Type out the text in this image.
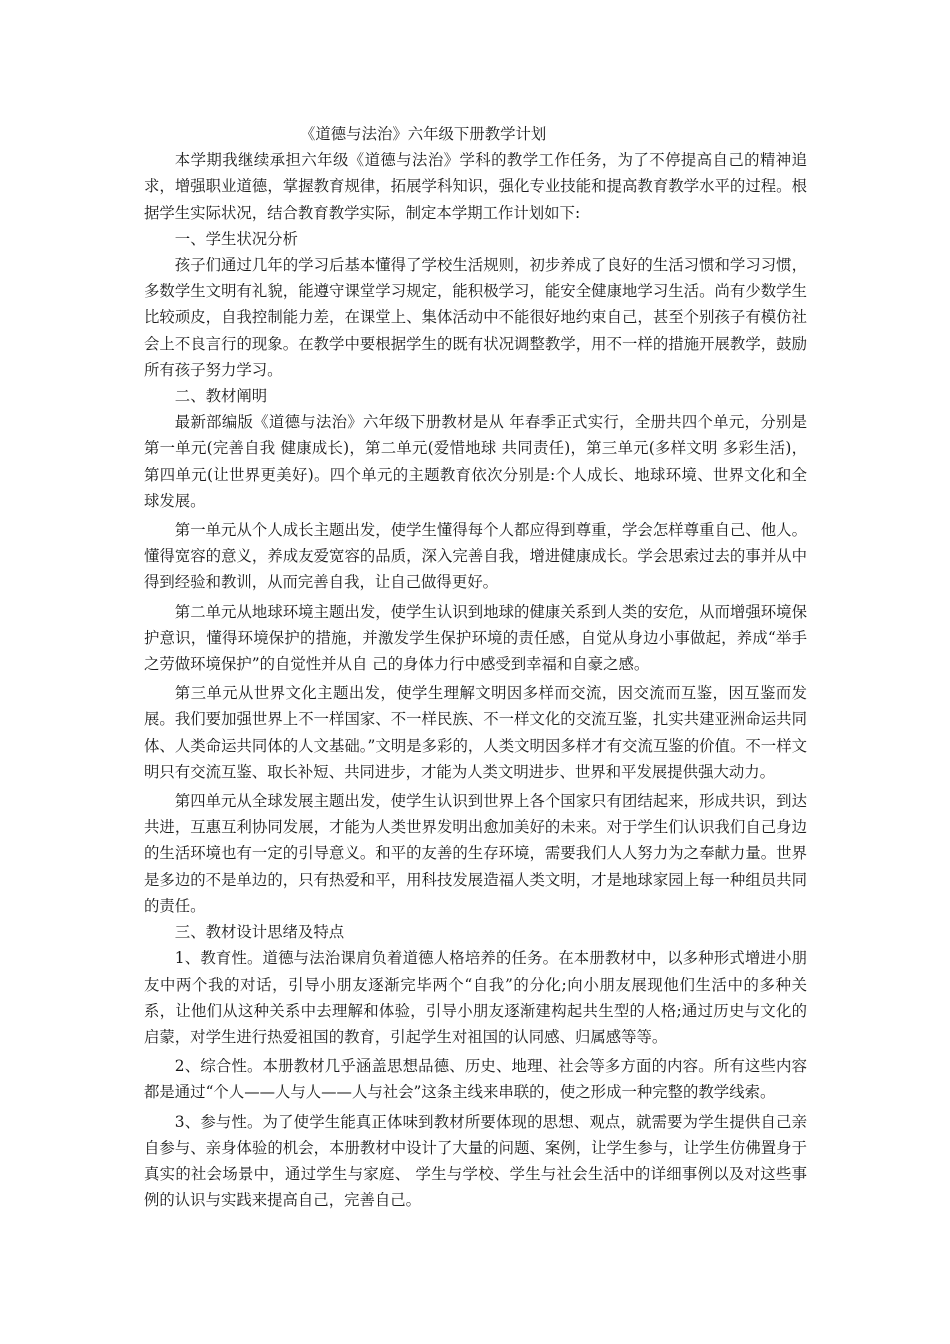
《道德与法治》六年级下册教学计划

本学期我继续承担六年级《道德与法治》学科的教学工作任务，为了不停提高自己的精神追求，增强职业道德，掌握教育规律，拓展学科知识，强化专业技能和提高教育教学水平的过程。根据学生实际状况，结合教育教学实际，制定本学期工作计划如下:

一、学生状况分析

孩子们通过几年的学习后基本懂得了学校生活规则，初步养成了良好的生活习惯和学习习惯，多数学生文明有礼貌，能遵守课堂学习规定，能积极学习，能安全健康地学习生活。尚有少数学生比较顽皮，自我控制能力差，在课堂上、集体活动中不能很好地约束自己，甚至个别孩子有模仿社会上不良言行的现象。在教学中要根据学生的既有状况调整教学，用不一样的措施开展教学，鼓励所有孩子努力学习。

二、教材阐明

最新部编版《道德与法治》六年级下册教材是从 年春季正式实行，全册共四个单元，分别是第一单元(完善自我 健康成长)，第二单元(爱惜地球 共同责任)，第三单元(多样文明 多彩生活)，第四单元(让世界更美好)。四个单元的主题教育依次分别是:个人成长、地球环境、世界文化和全球发展。

第一单元从个人成长主题出发，使学生懂得每个人都应得到尊重，学会怎样尊重自己、他人。懂得宽容的意义，养成友爱宽容的品质，深入完善自我，增进健康成长。学会思索过去的事并从中得到经验和教训，从而完善自我，让自己做得更好。

第二单元从地球环境主题出发，使学生认识到地球的健康关系到人类的安危，从而增强环境保护意识，懂得环境保护的措施，并激发学生保护环境的责任感，自觉从身边小事做起，养成“举手之劳做环境保护”的自觉性并从自 己的身体力行中感受到幸福和自豪之感。

第三单元从世界文化主题出发，使学生理解文明因多样而交流，因交流而互鉴，因互鉴而发展。我们要加强世界上不一样国家、不一样民族、不一样文化的交流互鉴，扎实共建亚洲命运共同体、人类命运共同体的人文基础。”文明是多彩的，人类文明因多样才有交流互鉴的价值。不一样文明只有交流互鉴、取长补短、共同进步，才能为人类文明进步、世界和平发展提供强大动力。

第四单元从全球发展主题出发，使学生认识到世界上各个国家只有团结起来，形成共识，到达共进，互惠互利协同发展，才能为人类世界发明出愈加美好的未来。对于学生们认识我们自己身边的生活环境也有一定的引导意义。和平的友善的生存环境，需要我们人人努力为之奉献力量。世界是多边的不是单边的，只有热爱和平，用科技发展造福人类文明，才是地球家园上每一种组员共同的责任。

三、教材设计思绪及特点

1、教育性。道德与法治课肩负着道德人格培养的任务。在本册教材中，以多种形式增进小朋友中两个我的对话，引导小朋友逐渐完毕两个“自我”的分化;向小朋友展现他们生活中的多种关系，让他们从这种关系中去理解和体验，引导小朋友逐渐建构起共生型的人格;通过历史与文化的启蒙，对学生进行热爱祖国的教育，引起学生对祖国的认同感、归属感等等。

2、综合性。本册教材几乎涵盖思想品德、历史、地理、社会等多方面的内容。所有这些内容都是通过“个人——人与人——人与社会”这条主线来串联的，使之形成一种完整的教学线索。

3、参与性。为了使学生能真正体味到教材所要体现的思想、观点，就需要为学生提供自己亲自参与、亲身体验的机会，本册教材中设计了大量的问题、案例，让学生参与，让学生仿佛置身于真实的社会场景中，通过学生与家庭、 学生与学校、学生与社会生活中的详细事例以及对这些事例的认识与实践来提高自己，完善自己。
